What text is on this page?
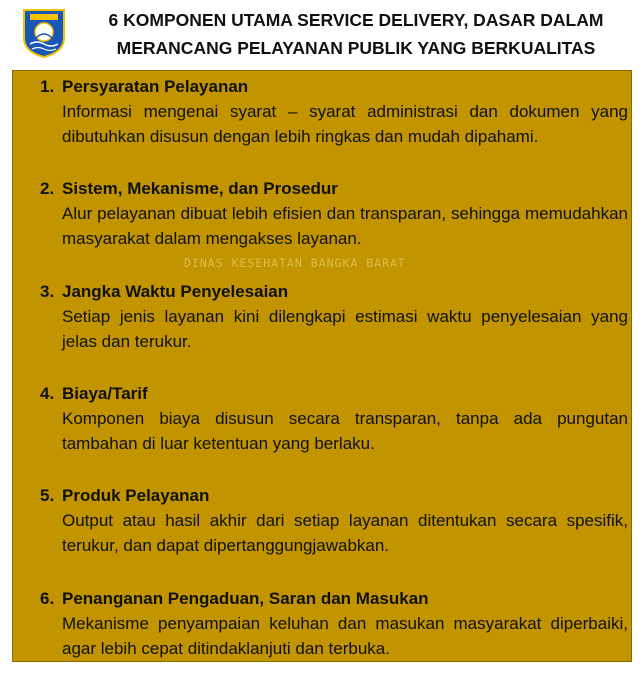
6 KOMPONEN UTAMA SERVICE DELIVERY, DASAR DALAM
MERANCANG PELAYANAN PUBLIK YANG BERKUALITAS
1. Persyaratan Pelayanan
Informasi mengenai syarat – syarat administrasi dan dokumen yang dibutuhkan disusun dengan lebih ringkas dan mudah dipahami.
2. Sistem, Mekanisme, dan Prosedur
Alur pelayanan dibuat lebih efisien dan transparan, sehingga memudahkan masyarakat dalam mengakses layanan.
3. Jangka Waktu Penyelesaian
Setiap jenis layanan kini dilengkapi estimasi waktu penyelesaian yang jelas dan terukur.
4. Biaya/Tarif
Komponen biaya disusun secara transparan, tanpa ada pungutan tambahan di luar ketentuan yang berlaku.
5. Produk Pelayanan
Output atau hasil akhir dari setiap layanan ditentukan secara spesifik, terukur, dan dapat dipertanggungjawabkan.
6. Penanganan Pengaduan, Saran dan Masukan
Mekanisme penyampaian keluhan dan masukan masyarakat diperbaiki, agar lebih cepat ditindaklanjuti dan terbuka.
DINAS KESEHATAN BANGKA BARAT
